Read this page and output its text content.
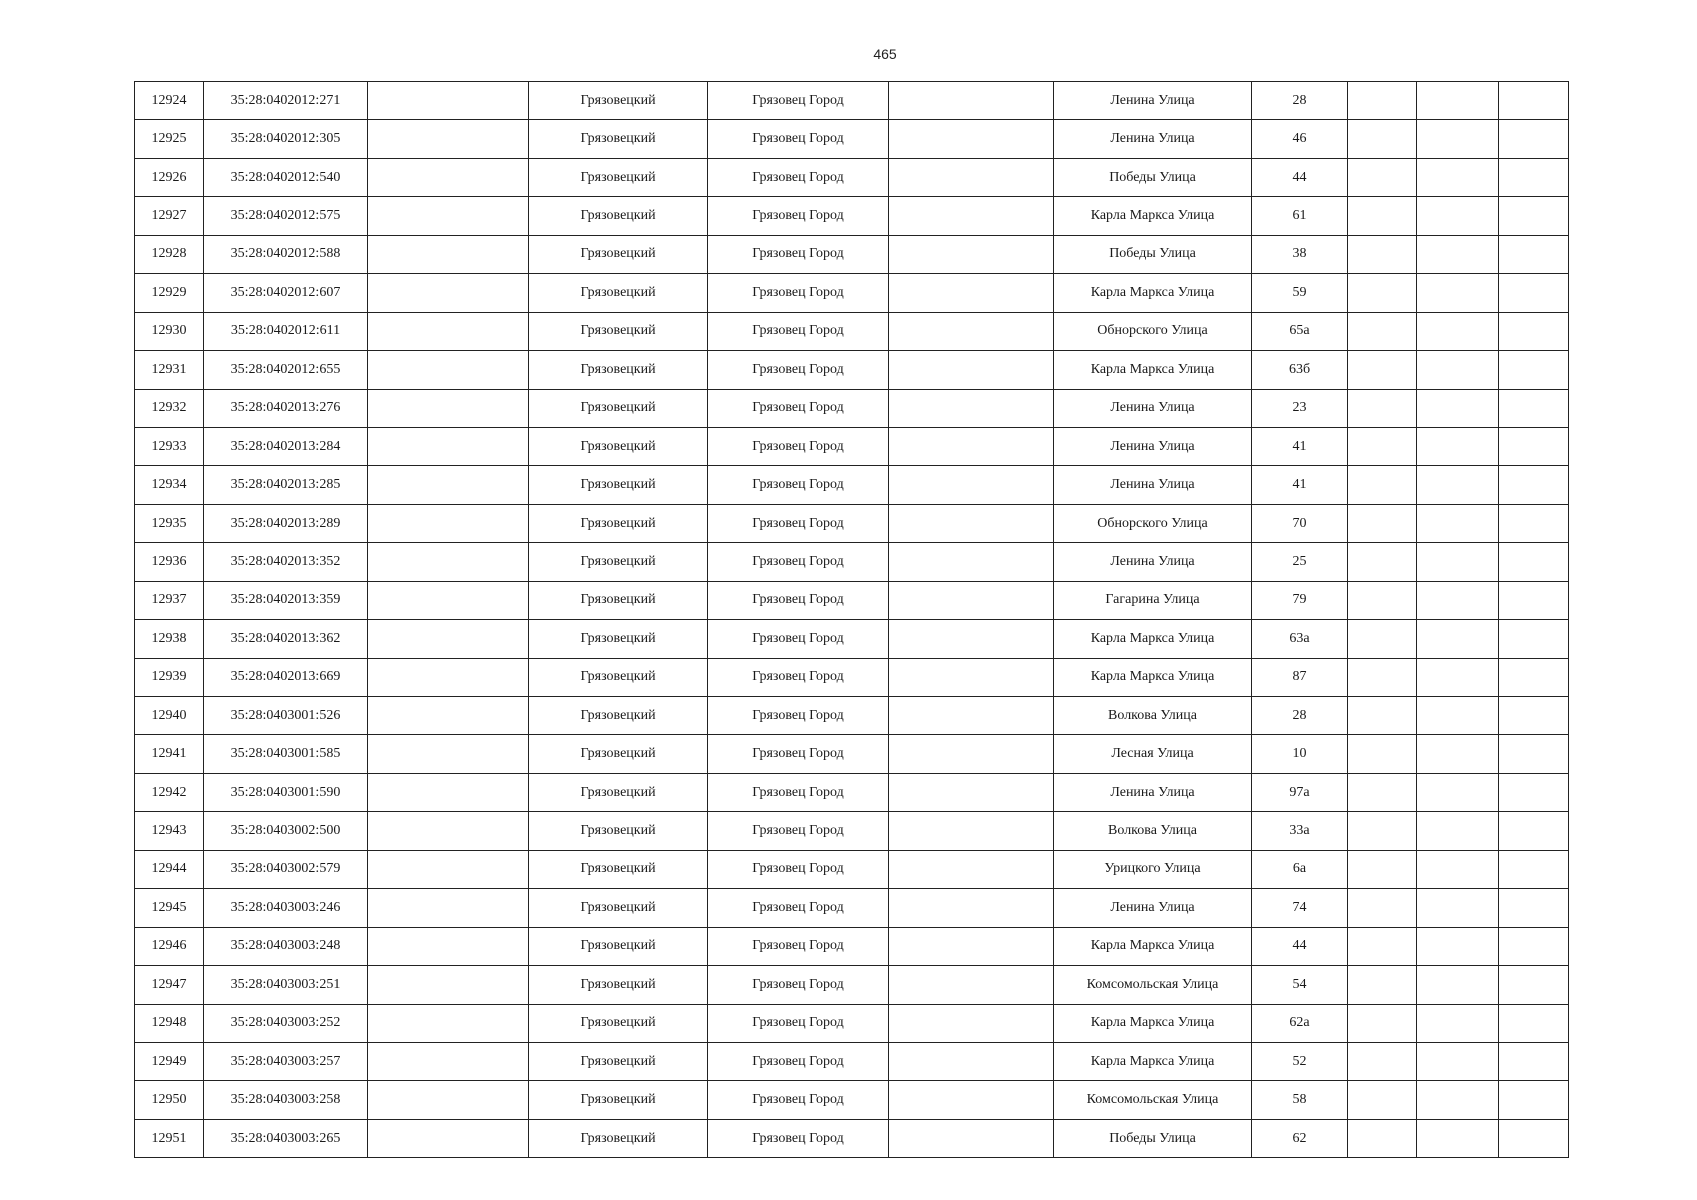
465
12924	35:28:0402012:271		Грязовецкий	Грязовец Город		Ленина Улица	28			
12925	35:28:0402012:305		Грязовецкий	Грязовец Город		Ленина Улица	46			
12926	35:28:0402012:540		Грязовецкий	Грязовец Город		Победы Улица	44			
12927	35:28:0402012:575		Грязовецкий	Грязовец Город		Карла Маркса Улица	61			
12928	35:28:0402012:588		Грязовецкий	Грязовец Город		Победы Улица	38			
12929	35:28:0402012:607		Грязовецкий	Грязовец Город		Карла Маркса Улица	59			
12930	35:28:0402012:611		Грязовецкий	Грязовец Город		Обнорского Улица	65а			
12931	35:28:0402012:655		Грязовецкий	Грязовец Город		Карла Маркса Улица	63б			
12932	35:28:0402013:276		Грязовецкий	Грязовец Город		Ленина Улица	23			
12933	35:28:0402013:284		Грязовецкий	Грязовец Город		Ленина Улица	41			
12934	35:28:0402013:285		Грязовецкий	Грязовец Город		Ленина Улица	41			
12935	35:28:0402013:289		Грязовецкий	Грязовец Город		Обнорского Улица	70			
12936	35:28:0402013:352		Грязовецкий	Грязовец Город		Ленина Улица	25			
12937	35:28:0402013:359		Грязовецкий	Грязовец Город		Гагарина Улица	79			
12938	35:28:0402013:362		Грязовецкий	Грязовец Город		Карла Маркса Улица	63а			
12939	35:28:0402013:669		Грязовецкий	Грязовец Город		Карла Маркса Улица	87			
12940	35:28:0403001:526		Грязовецкий	Грязовец Город		Волкова Улица	28			
12941	35:28:0403001:585		Грязовецкий	Грязовец Город		Лесная Улица	10			
12942	35:28:0403001:590		Грязовецкий	Грязовец Город		Ленина Улица	97а			
12943	35:28:0403002:500		Грязовецкий	Грязовец Город		Волкова Улица	33а			
12944	35:28:0403002:579		Грязовецкий	Грязовец Город		Урицкого Улица	6а			
12945	35:28:0403003:246		Грязовецкий	Грязовец Город		Ленина Улица	74			
12946	35:28:0403003:248		Грязовецкий	Грязовец Город		Карла Маркса Улица	44			
12947	35:28:0403003:251		Грязовецкий	Грязовец Город		Комсомольская Улица	54			
12948	35:28:0403003:252		Грязовецкий	Грязовец Город		Карла Маркса Улица	62а			
12949	35:28:0403003:257		Грязовецкий	Грязовец Город		Карла Маркса Улица	52			
12950	35:28:0403003:258		Грязовецкий	Грязовец Город		Комсомольская Улица	58			
12951	35:28:0403003:265		Грязовецкий	Грязовец Город		Победы Улица	62			
